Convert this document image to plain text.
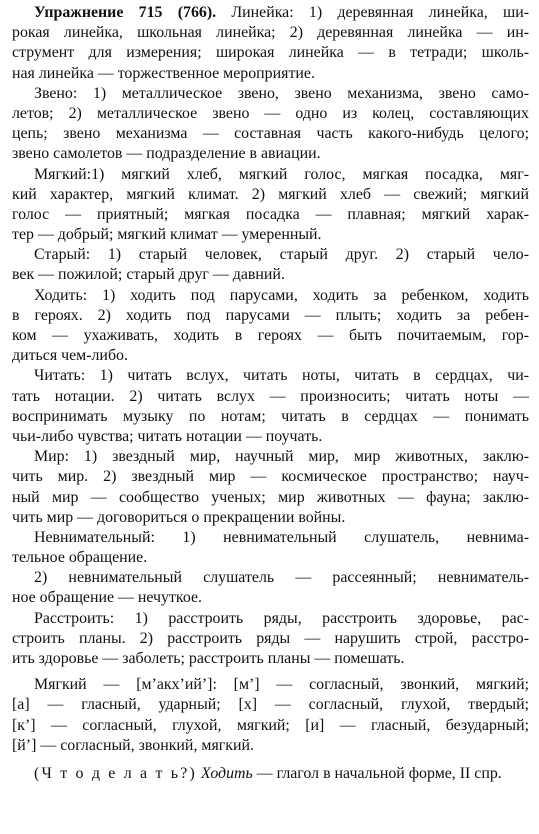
Упражнение 715 (766). Линейка: 1) деревянная линейка, ши-
рокая линейка, школьная линейка; 2) деревянная линейка — ин-
струмент для измерения; широкая линейка — в тетради; школь-
ная линейка — торжественное мероприятие.
Звено: 1) металлическое звено, звено механизма, звено само-
летов; 2) металлическое звено — одно из колец, составляющих
цепь; звено механизма — составная часть какого-нибудь целого;
звено самолетов — подразделение в авиации.
Мягкий:1) мягкий хлеб, мягкий голос, мягкая посадка, мяг-
кий характер, мягкий климат. 2) мягкий хлеб — свежий; мягкий
голос — приятный; мягкая посадка — плавная; мягкий харак-
тер — добрый; мягкий климат — умеренный.
Старый: 1) старый человек, старый друг. 2) старый чело-
век — пожилой; старый друг — давний.
Ходить: 1) ходить под парусами, ходить за ребенком, ходить
в героях. 2) ходить под парусами — плыть; ходить за ребен-
ком — ухаживать, ходить в героях — быть почитаемым, гор-
диться чем-либо.
Читать: 1) читать вслух, читать ноты, читать в сердцах, чи-
тать нотации. 2) читать вслух — произносить; читать ноты —
воспринимать музыку по нотам; читать в сердцах — понимать
чьи-либо чувства; читать нотации — поучать.
Мир: 1) звездный мир, научный мир, мир животных, заклю-
чить мир. 2) звездный мир — космическое пространство; науч-
ный мир — сообщество ученых; мир животных — фауна; заклю-
чить мир — договориться о прекращении войны.
Невнимательный: 1) невнимательный слушатель, невнима-
тельное обращение.
2) невнимательный слушатель — рассеянный; невниматель-
ное обращение — нечуткое.
Расстроить: 1) расстроить ряды, расстроить здоровье, рас-
строить планы. 2) расстроить ряды — нарушить строй, расстро-
ить здоровье — заболеть; расстроить планы — помешать.
Мягкий — [м’акх’ий’]: [м’] — согласный, звонкий, мягкий;
[а] — гласный, ударный; [х] — согласный, глухой, твердый;
[к’] — согласный, глухой, мягкий; [и] — гласный, безударный;
[й’] — согласный, звонкий, мягкий.
(Ч т о д е л а т ь?) Ходить — глагол в начальной форме, II спр.
